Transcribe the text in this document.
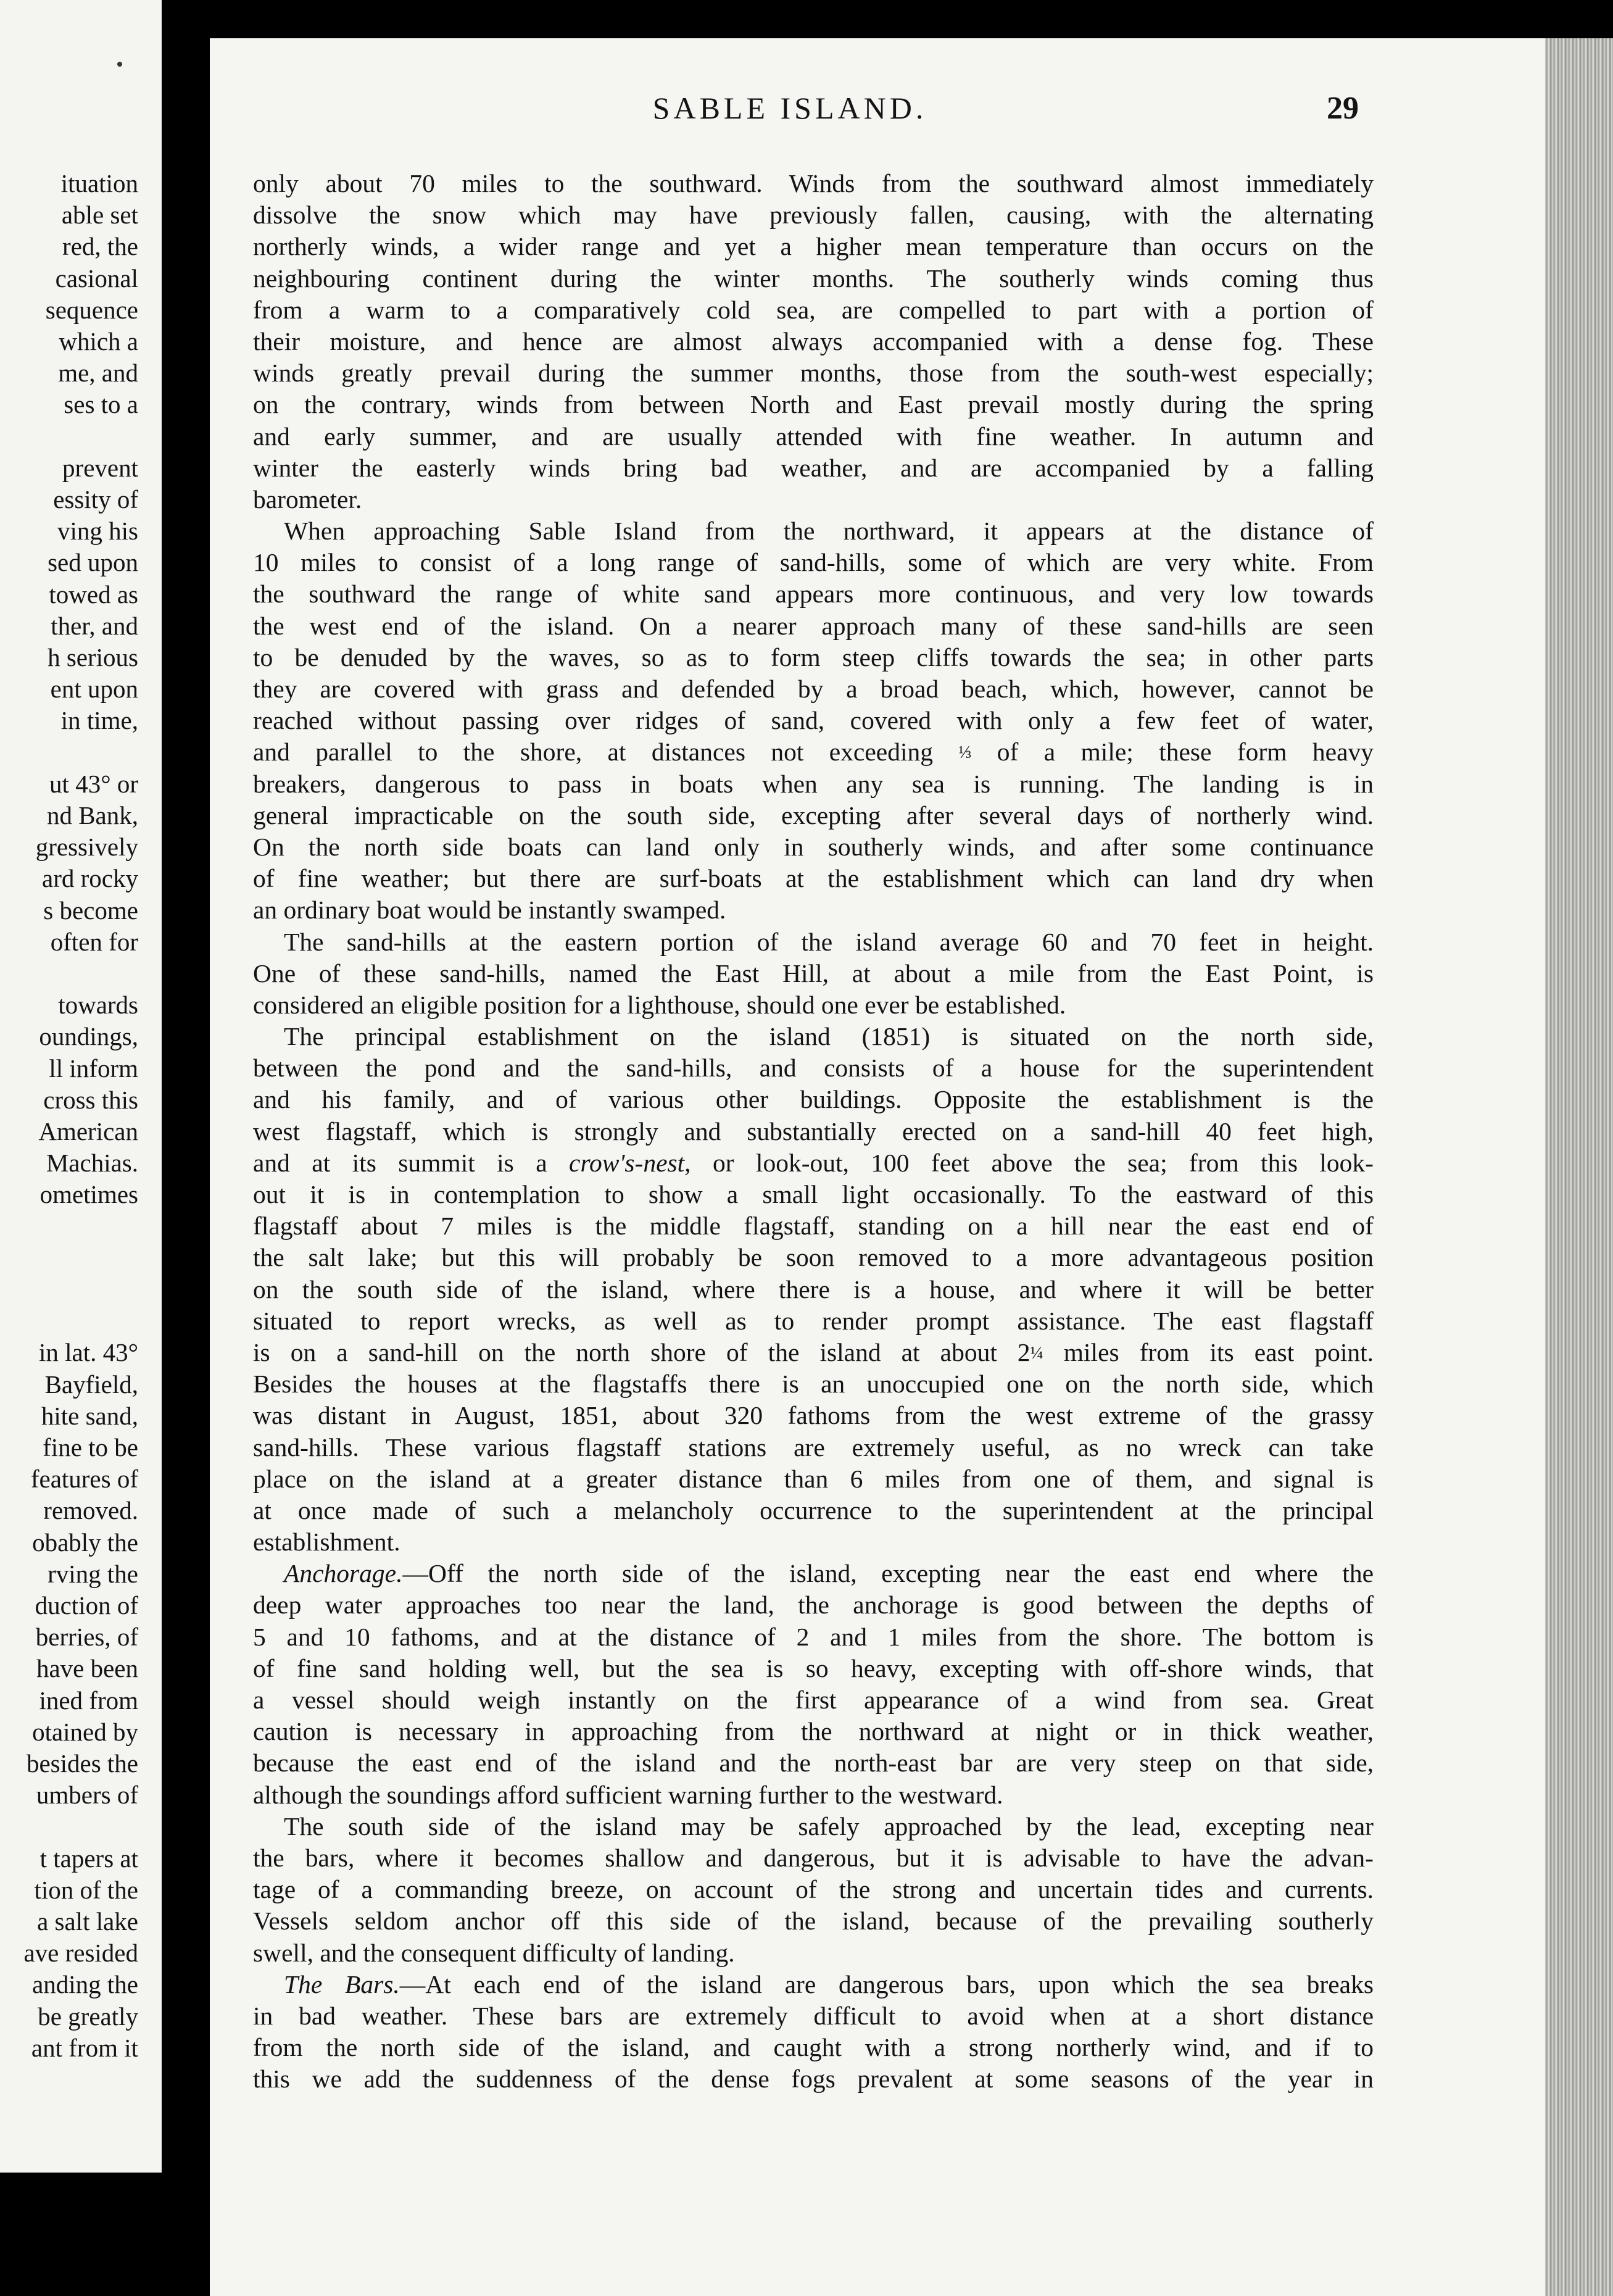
ituation
able set
red, the
casional
sequence
which a
me, and
ses to a
prevent
essity of
ving his
sed upon
towed as
ther, and
h serious
ent upon
in time,
ut 43° or
nd Bank,
gressively
ard rocky
s become
often for
towards
oundings,
ll inform
cross this
American
Machias.
ometimes
in lat. 43°
Bayfield,
hite sand,
fine to be
features of
removed.
obably the
rving the
duction of
berries, of
have been
ined from
otained by
besides the
umbers of
t tapers at
tion of the
a salt lake
ave resided
anding the
be greatly
ant from it
SABLE ISLAND.	29
only about 70 miles to the southward. Winds from the southward almost immediately
dissolve the snow which may have previously fallen, causing, with the alternating
northerly winds, a wider range and yet a higher mean temperature than occurs on the
neighbouring continent during the winter months. The southerly winds coming thus
from a warm to a comparatively cold sea, are compelled to part with a portion of
their moisture, and hence are almost always accompanied with a dense fog. These
winds greatly prevail during the summer months, those from the south-west especially;
on the contrary, winds from between North and East prevail mostly during the spring
and early summer, and are usually attended with fine weather. In autumn and
winter the easterly winds bring bad weather, and are accompanied by a falling
barometer.
When approaching Sable Island from the northward, it appears at the distance of
10 miles to consist of a long range of sand-hills, some of which are very white. From
the southward the range of white sand appears more continuous, and very low towards
the west end of the island. On a nearer approach many of these sand-hills are seen
to be denuded by the waves, so as to form steep cliffs towards the sea; in other parts
they are covered with grass and defended by a broad beach, which, however, cannot be
reached without passing over ridges of sand, covered with only a few feet of water,
and parallel to the shore, at distances not exceeding ⅓ of a mile; these form heavy
breakers, dangerous to pass in boats when any sea is running. The landing is in
general impracticable on the south side, excepting after several days of northerly wind.
On the north side boats can land only in southerly winds, and after some continuance
of fine weather; but there are surf-boats at the establishment which can land dry when
an ordinary boat would be instantly swamped.
The sand-hills at the eastern portion of the island average 60 and 70 feet in height.
One of these sand-hills, named the East Hill, at about a mile from the East Point, is
considered an eligible position for a lighthouse, should one ever be established.
The principal establishment on the island (1851) is situated on the north side,
between the pond and the sand-hills, and consists of a house for the superintendent
and his family, and of various other buildings. Opposite the establishment is the
west flagstaff, which is strongly and substantially erected on a sand-hill 40 feet high,
and at its summit is a crow's-nest, or look-out, 100 feet above the sea; from this look-
out it is in contemplation to show a small light occasionally. To the eastward of this
flagstaff about 7 miles is the middle flagstaff, standing on a hill near the east end of
the salt lake; but this will probably be soon removed to a more advantageous position
on the south side of the island, where there is a house, and where it will be better
situated to report wrecks, as well as to render prompt assistance. The east flagstaff
is on a sand-hill on the north shore of the island at about 2¼ miles from its east point.
Besides the houses at the flagstaffs there is an unoccupied one on the north side, which
was distant in August, 1851, about 320 fathoms from the west extreme of the grassy
sand-hills. These various flagstaff stations are extremely useful, as no wreck can take
place on the island at a greater distance than 6 miles from one of them, and signal is
at once made of such a melancholy occurrence to the superintendent at the principal
establishment.
Anchorage.—Off the north side of the island, excepting near the east end where the
deep water approaches too near the land, the anchorage is good between the depths of
5 and 10 fathoms, and at the distance of 2 and 1 miles from the shore. The bottom is
of fine sand holding well, but the sea is so heavy, excepting with off-shore winds, that
a vessel should weigh instantly on the first appearance of a wind from sea. Great
caution is necessary in approaching from the northward at night or in thick weather,
because the east end of the island and the north-east bar are very steep on that side,
although the soundings afford sufficient warning further to the westward.
The south side of the island may be safely approached by the lead, excepting near
the bars, where it becomes shallow and dangerous, but it is advisable to have the advan-
tage of a commanding breeze, on account of the strong and uncertain tides and currents.
Vessels seldom anchor off this side of the island, because of the prevailing southerly
swell, and the consequent difficulty of landing.
The Bars.—At each end of the island are dangerous bars, upon which the sea breaks
in bad weather. These bars are extremely difficult to avoid when at a short distance
from the north side of the island, and caught with a strong northerly wind, and if to
this we add the suddenness of the dense fogs prevalent at some seasons of the year in
